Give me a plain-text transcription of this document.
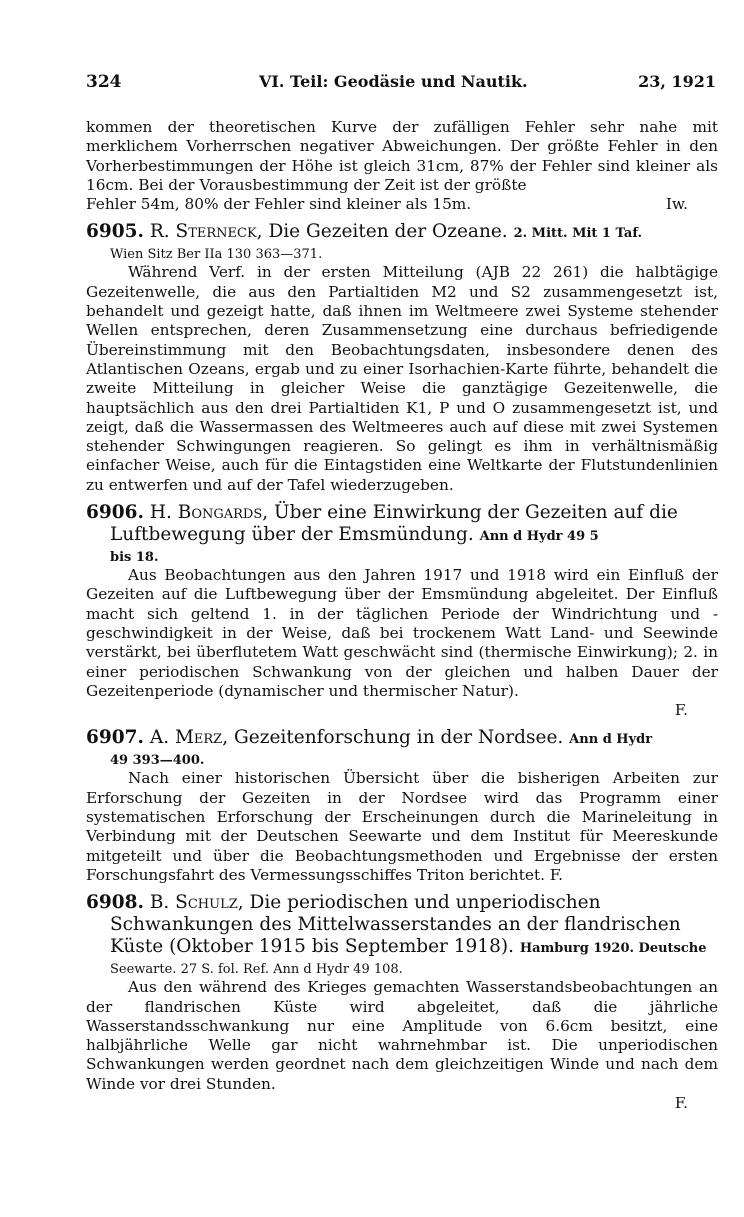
324	VI. Teil: Geodäsie und Nautik.	23, 1921

kommen der theoretischen Kurve der zufälligen Fehler sehr nahe mit merklichem Vorherrschen negativer Abweichungen. Der größte Fehler in den Vorherbestimmungen der Höhe ist gleich 31cm, 87% der Fehler sind kleiner als 16cm. Bei der Vorausbestimmung der Zeit ist der größte

Fehler 54m, 80% der Fehler sind kleiner als 15m.	Iw.

6905. R. Sterneck, Die Gezeiten der Ozeane. 2. Mitt. Mit 1 Taf.
Wien Sitz Ber IIa 130 363—371.

Während Verf. in der ersten Mitteilung (AJB 22 261) die halbtägige Gezeitenwelle, die aus den Partialtiden M2 und S2 zusammengesetzt ist, behandelt und gezeigt hatte, daß ihnen im Weltmeere zwei Systeme stehender Wellen entsprechen, deren Zusammensetzung eine durchaus befriedigende Übereinstimmung mit den Beobachtungsdaten, insbesondere denen des Atlantischen Ozeans, ergab und zu einer Isorhachien-Karte führte, behandelt die zweite Mitteilung in gleicher Weise die ganztägige Gezeitenwelle, die hauptsächlich aus den drei Partialtiden K1, P und O zusammengesetzt ist, und zeigt, daß die Wassermassen des Weltmeeres auch auf diese mit zwei Systemen stehender Schwingungen reagieren. So gelingt es ihm in verhältnismäßig einfacher Weise, auch für die Eintagstiden eine Weltkarte der Flutstundenlinien zu entwerfen und auf der Tafel wiederzugeben.

6906. H. Bongards, Über eine Einwirkung der Gezeiten auf die Luftbewegung über der Emsmündung. Ann d Hydr 49 5
bis 18.

Aus Beobachtungen aus den Jahren 1917 und 1918 wird ein Einfluß der Gezeiten auf die Luftbewegung über der Emsmündung abgeleitet. Der Einfluß macht sich geltend 1. in der täglichen Periode der Windrichtung und -geschwindigkeit in der Weise, daß bei trockenem Watt Land- und Seewinde verstärkt, bei überflutetem Watt geschwächt sind (thermische Einwirkung); 2. in einer periodischen Schwankung von der gleichen und halben Dauer der Gezeitenperiode (dynamischer und thermischer Natur).

F.

6907. A. Merz, Gezeitenforschung in der Nordsee. Ann d Hydr
49 393—400.

Nach einer historischen Übersicht über die bisherigen Arbeiten zur Erforschung der Gezeiten in der Nordsee wird das Programm einer systematischen Erforschung der Erscheinungen durch die Marineleitung in Verbindung mit der Deutschen Seewarte und dem Institut für Meereskunde mitgeteilt und über die Beobachtungsmethoden und Ergebnisse der ersten Forschungsfahrt des Vermessungsschiffes Triton berichtet. F.

6908. B. Schulz, Die periodischen und unperiodischen Schwankungen des Mittelwasserstandes an der flandrischen Küste (Oktober 1915 bis September 1918). Hamburg 1920. Deutsche
Seewarte. 27 S. fol. Ref. Ann d Hydr 49 108.

Aus den während des Krieges gemachten Wasserstandsbeobachtungen an der flandrischen Küste wird abgeleitet, daß die jährliche Wasserstandsschwankung nur eine Amplitude von 6.6cm besitzt, eine halbjährliche Welle gar nicht wahrnehmbar ist. Die unperiodischen Schwankungen werden geordnet nach dem gleichzeitigen Winde und nach dem Winde vor drei Stunden.

F.
